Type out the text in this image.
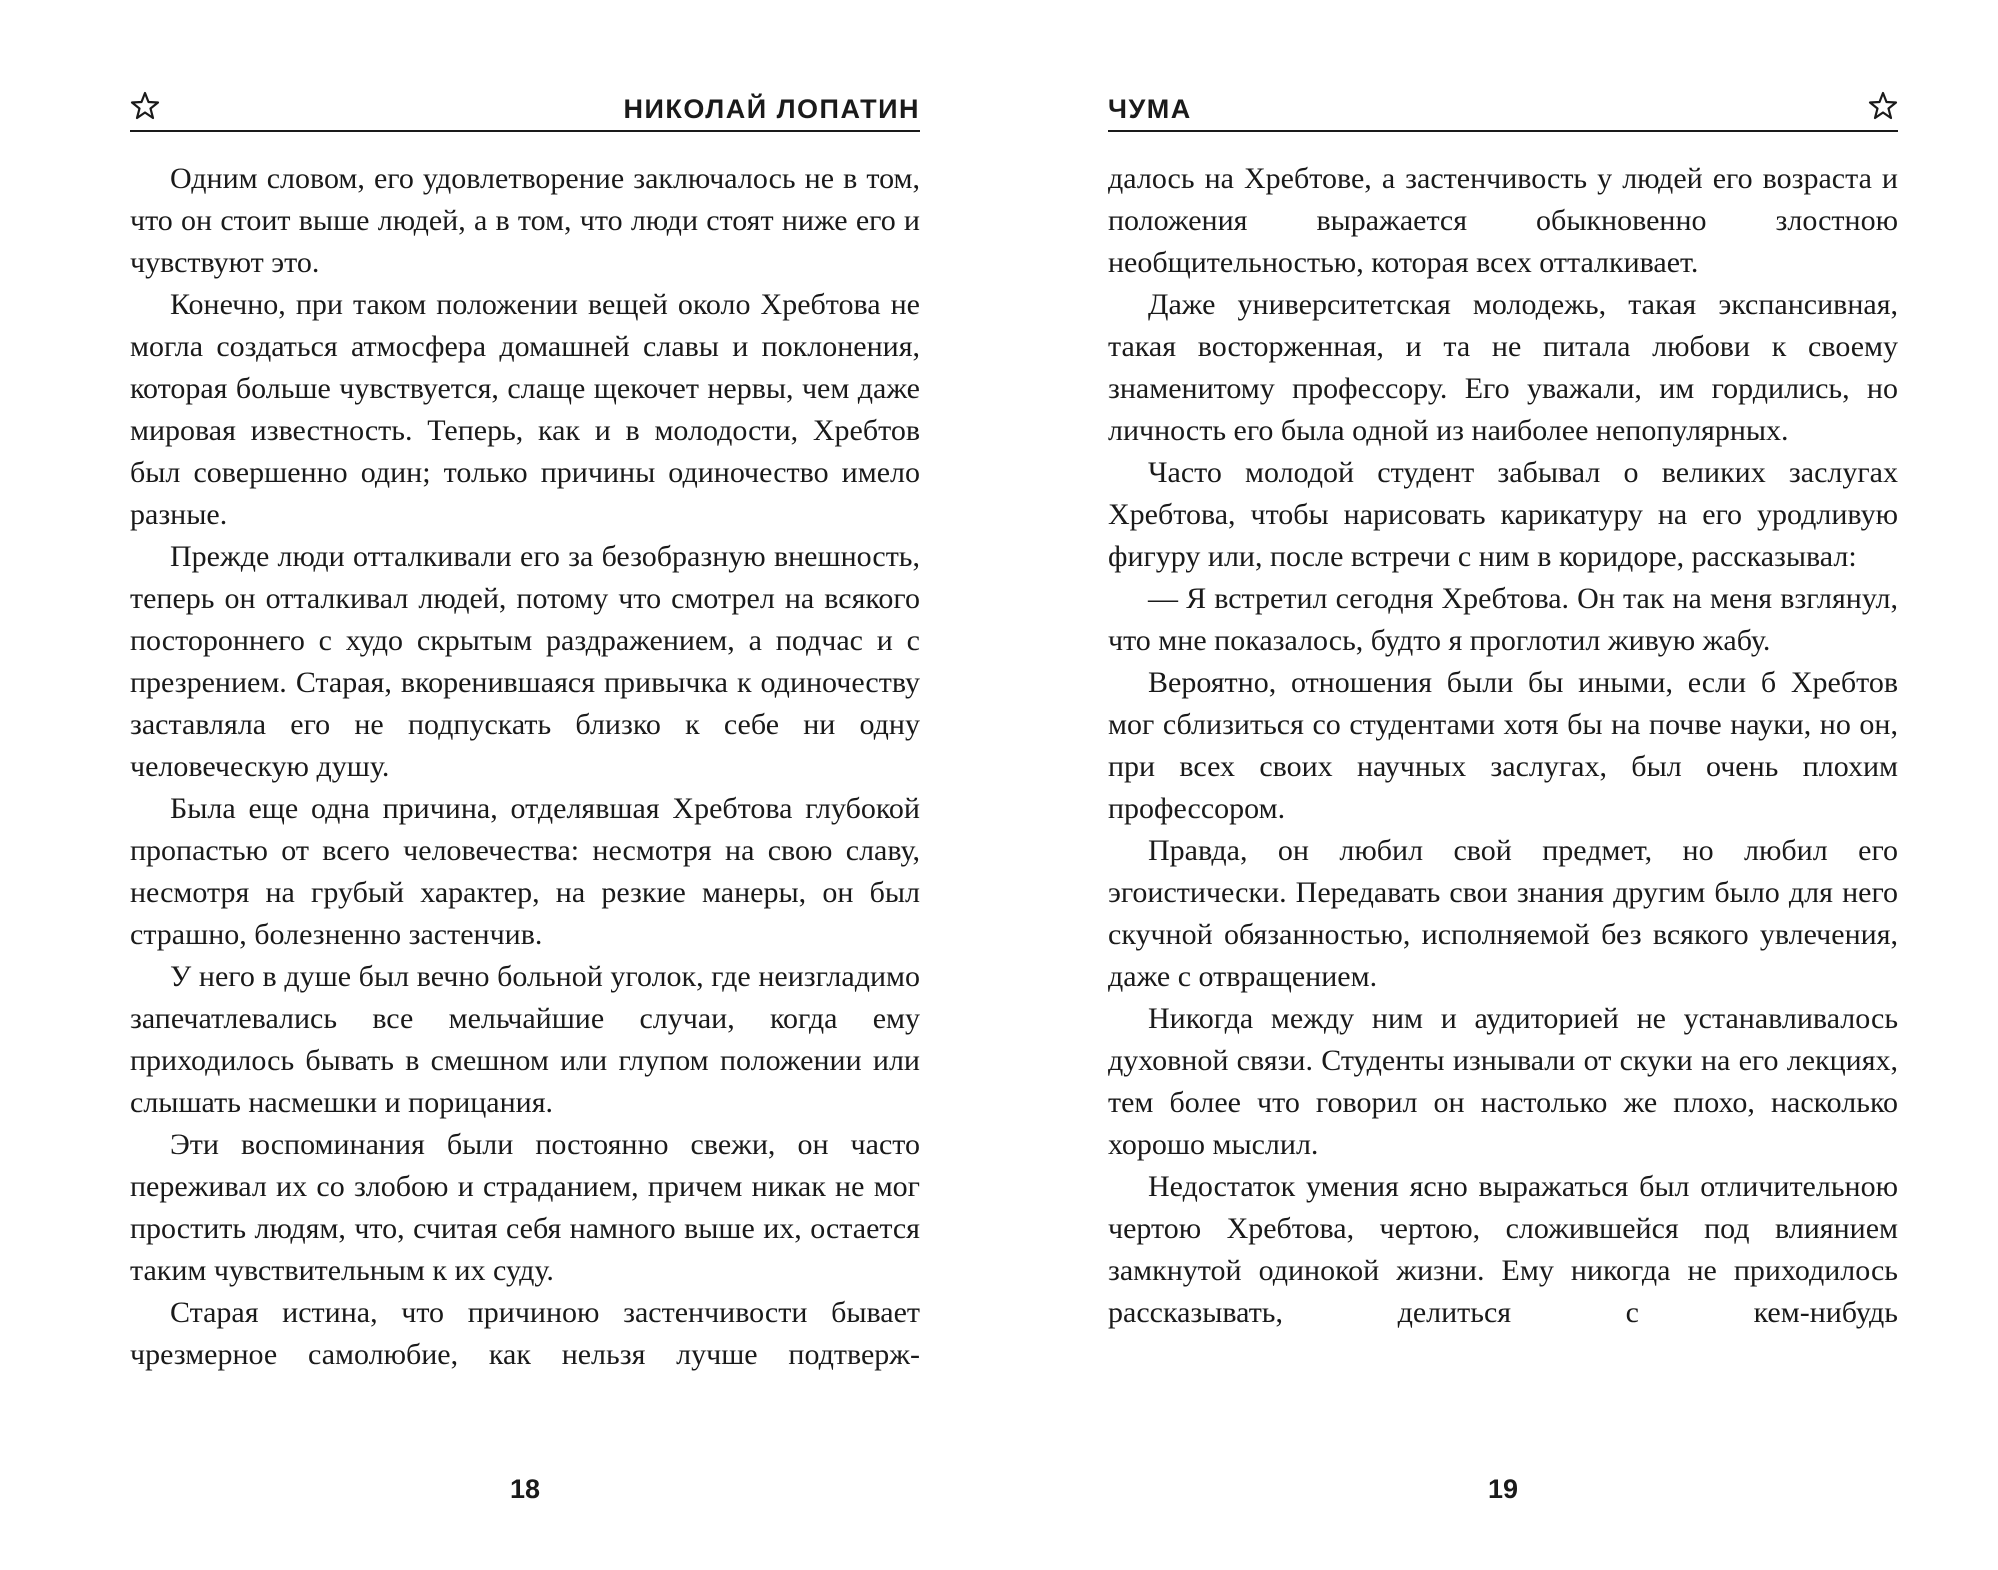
НИКОЛАЙ ЛОПАТИН

Одним словом, его удовлетворение заключалось не в том, что он стоит выше людей, а в том, что люди стоят ниже его и чувствуют это.

Конечно, при таком положении вещей около Хребтова не могла создаться атмосфера домашней славы и поклонения, которая больше чувствуется, слаще щекочет нервы, чем даже мировая известность. Теперь, как и в молодости, Хребтов был совершенно один; только причины одиночество имело разные.

Прежде люди отталкивали его за безобразную внешность, теперь он отталкивал людей, потому что смотрел на всякого постороннего с худо скрытым раздражением, а подчас и с презрением. Старая, вкоренившаяся привычка к одиночеству заставляла его не подпускать близко к себе ни одну человеческую душу.

Была еще одна причина, отделявшая Хребтова глубокой пропастью от всего человечества: несмотря на свою славу, несмотря на грубый характер, на резкие манеры, он был страшно, болезненно застенчив.

У него в душе был вечно больной уголок, где неизгладимо запечатлевались все мельчайшие случаи, когда ему приходилось бывать в смешном или глупом положении или слышать насмешки и порицания.

Эти воспоминания были постоянно свежи, он часто переживал их со злобою и страданием, причем никак не мог простить людям, что, считая себя намного выше их, остается таким чувствительным к их суду.

Старая истина, что причиною застенчивости бывает чрезмерное самолюбие, как нельзя лучше подтверж-

18
ЧУМА

далось на Хребтове, а застенчивость у людей его возраста и положения выражается обыкновенно злостною необщительностью, которая всех отталкивает.

Даже университетская молодежь, такая экспансивная, такая восторженная, и та не питала любови к своему знаменитому профессору. Его уважали, им гордились, но личность его была одной из наиболее непопулярных.

Часто молодой студент забывал о великих заслугах Хребтова, чтобы нарисовать карикатуру на его уродливую фигуру или, после встречи с ним в коридоре, рассказывал:

— Я встретил сегодня Хребтова. Он так на меня взглянул, что мне показалось, будто я проглотил живую жабу.

Вероятно, отношения были бы иными, если б Хребтов мог сблизиться со студентами хотя бы на почве науки, но он, при всех своих научных заслугах, был очень плохим профессором.

Правда, он любил свой предмет, но любил его эгоистически. Передавать свои знания другим было для него скучной обязанностью, исполняемой без всякого увлечения, даже с отвращением.

Никогда между ним и аудиторией не устанавливалось духовной связи. Студенты изнывали от скуки на его лекциях, тем более что говорил он настолько же плохо, насколько хорошо мыслил.

Недостаток умения ясно выражаться был отличительною чертою Хребтова, чертою, сложившейся под влиянием замкнутой одинокой жизни. Ему никогда не приходилось рассказывать, делиться с кем-нибудь

19
